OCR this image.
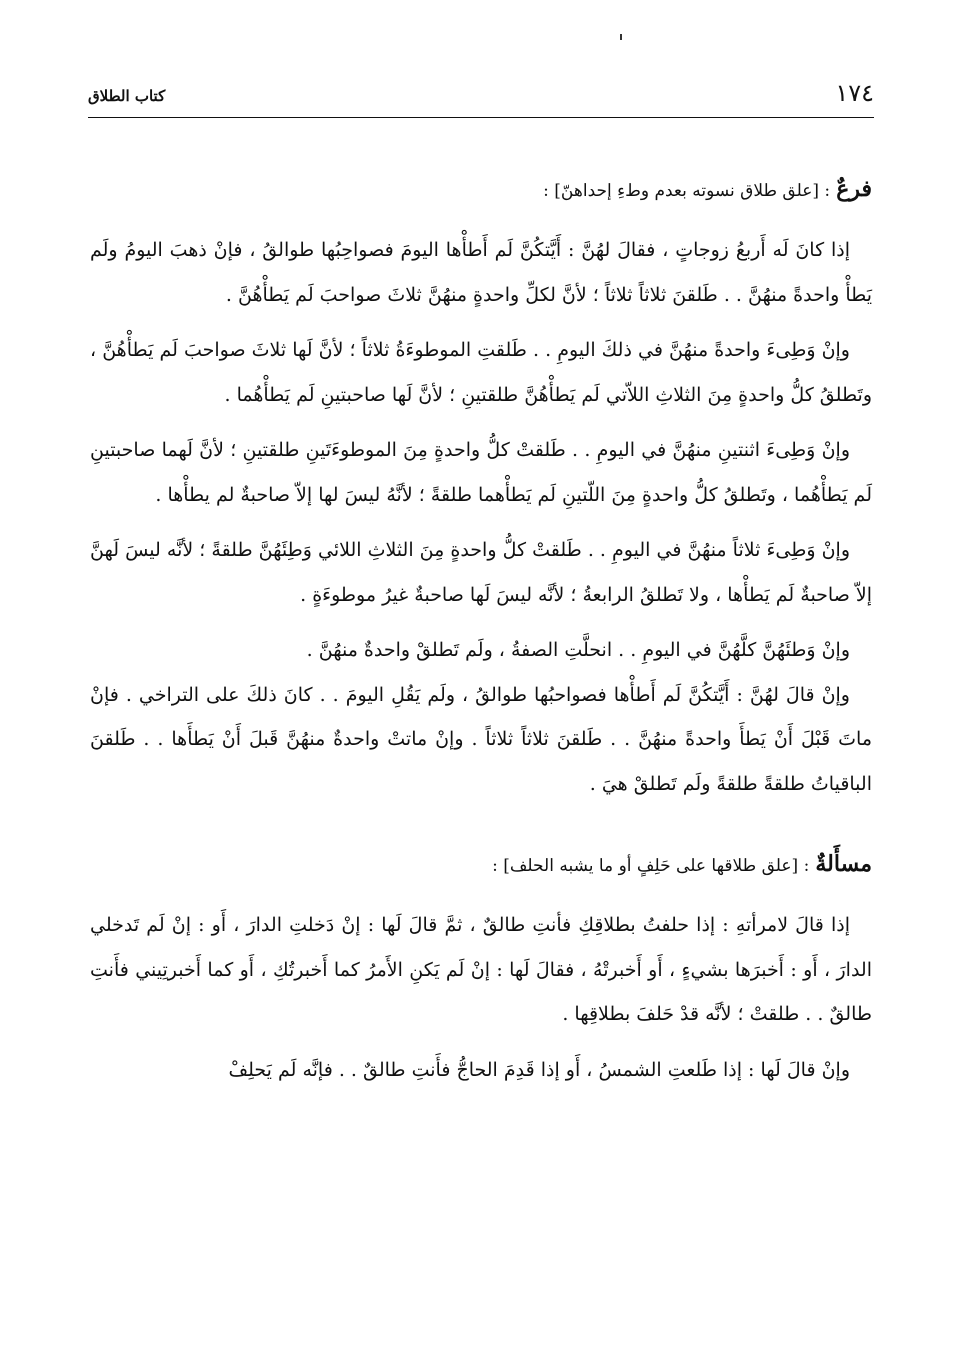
١٧٤
كتاب الطلاق
فرعٌ : [علق طلاق نسوته بعدم وطءِ إحداهنّ] :

إذا كانَ لَه أَربعُ زوجاتٍ ، فقالَ لهُنَّ : أَيَّتكُنَّ لَم أَطأْها اليومَ فصواحِبُها طوالقُ ، فإنْ ذهبَ اليومُ ولَم يَطأْ واحدةً منهُنَّ . . طَلقنَ ثلاثاً ثلاثاً ؛ لأنَّ لكلِّ واحدةٍ منهُنَّ ثلاثَ صواحبَ لَم يَطأْهُنَّ .

وإنْ وَطِىءَ واحدةً منهُنَّ في ذلكَ اليومِ . . طَلقتِ الموطوءَةُ ثلاثاً ؛ لأنَّ لَها ثلاثَ صواحبَ لَم يَطأْهُنَّ ، وتَطلقُ كلُّ واحدةٍ مِنَ الثلاثِ اللاّتي لَم يَطأْهُنَّ طلقتينِ ؛ لأنَّ لَها صاحبتينِ لَم يَطأْهُما .

وإنْ وَطِىءَ اثنتينِ منهُنَّ في اليومِ . . طَلقتْ كلُّ واحدةٍ مِنَ الموطوءَتَينِ طلقتينِ ؛ لأنَّ لَهما صاحبتينِ لَم يَطأْهُما ، وتَطلقُ كلُّ واحدةٍ مِنَ اللّتينِ لَم يَطأْهما طلقةً ؛ لأنَّهُ ليسَ لها إلاّ صاحبةٌ لم يطأْها .

وإنْ وَطِىءَ ثلاثاً منهُنَّ في اليومِ . . طَلقتْ كلُّ واحدةٍ مِنَ الثلاثِ اللائي وَطِئَهُنَّ طلقةً ؛ لأنَّه ليسَ لَهنَّ إلاّ صاحبةٌ لَم يَطأْها ، ولا تَطلقُ الرابعةُ ؛ لأنَّه ليسَ لَها صاحبةٌ غيرُ موطوءَةٍ .

وإنْ وَطئَهُنَّ كلَّهُنَّ في اليومِ . . انحلَّتِ الصفةُ ، ولَم تَطلقْ واحدةٌ منهُنَّ .

وإنْ قالَ لهُنَّ : أَيَّتكُنَّ لَم أَطأْها فصواحبُها طوالقُ ، ولَم يَقُلِ اليومَ . . كانَ ذلكَ على التراخي . فإنْ ماتَ قَبْلَ أَنْ يَطأَ واحدةً منهُنَّ . . طَلقنَ ثلاثاً ثلاثاً . وإنْ ماتتْ واحدةٌ منهُنَّ قَبلَ أَنْ يَطأَها . . طَلقنَ الباقياتُ طلقةً طلقةً ولَم تَطلقْ هيَ .

مسأَلةٌ : [علق طلاقها على حَلِفٍ أو ما يشبه الحلف] :

إذا قالَ لامرأتهِ : إذا حلفتُ بطلاقِكِ فأنتِ طالقٌ ، ثمَّ قالَ لَها : إنْ دَخلتِ الدارَ ، أَو : إنْ لَم تَدخلي الدارَ ، أَو : أَخبرَها بشيءٍ ، أَو أَخبرتْهُ ، فقالَ لَها : إنْ لَم يَكنِ الأَمرُ كما أَخبرتُكِ ، أَو كما أَخبرتِيني فأَنتِ طالقٌ . . طلقتْ ؛ لأنَّه قدْ حَلفَ بطلاقِها .

وإنْ قالَ لَها : إذا طَلعتِ الشمسُ ، أَو إذا قَدِمَ الحاجُّ فأَنتِ طالقٌ . . فإنَّه لَم يَحلِفْ
